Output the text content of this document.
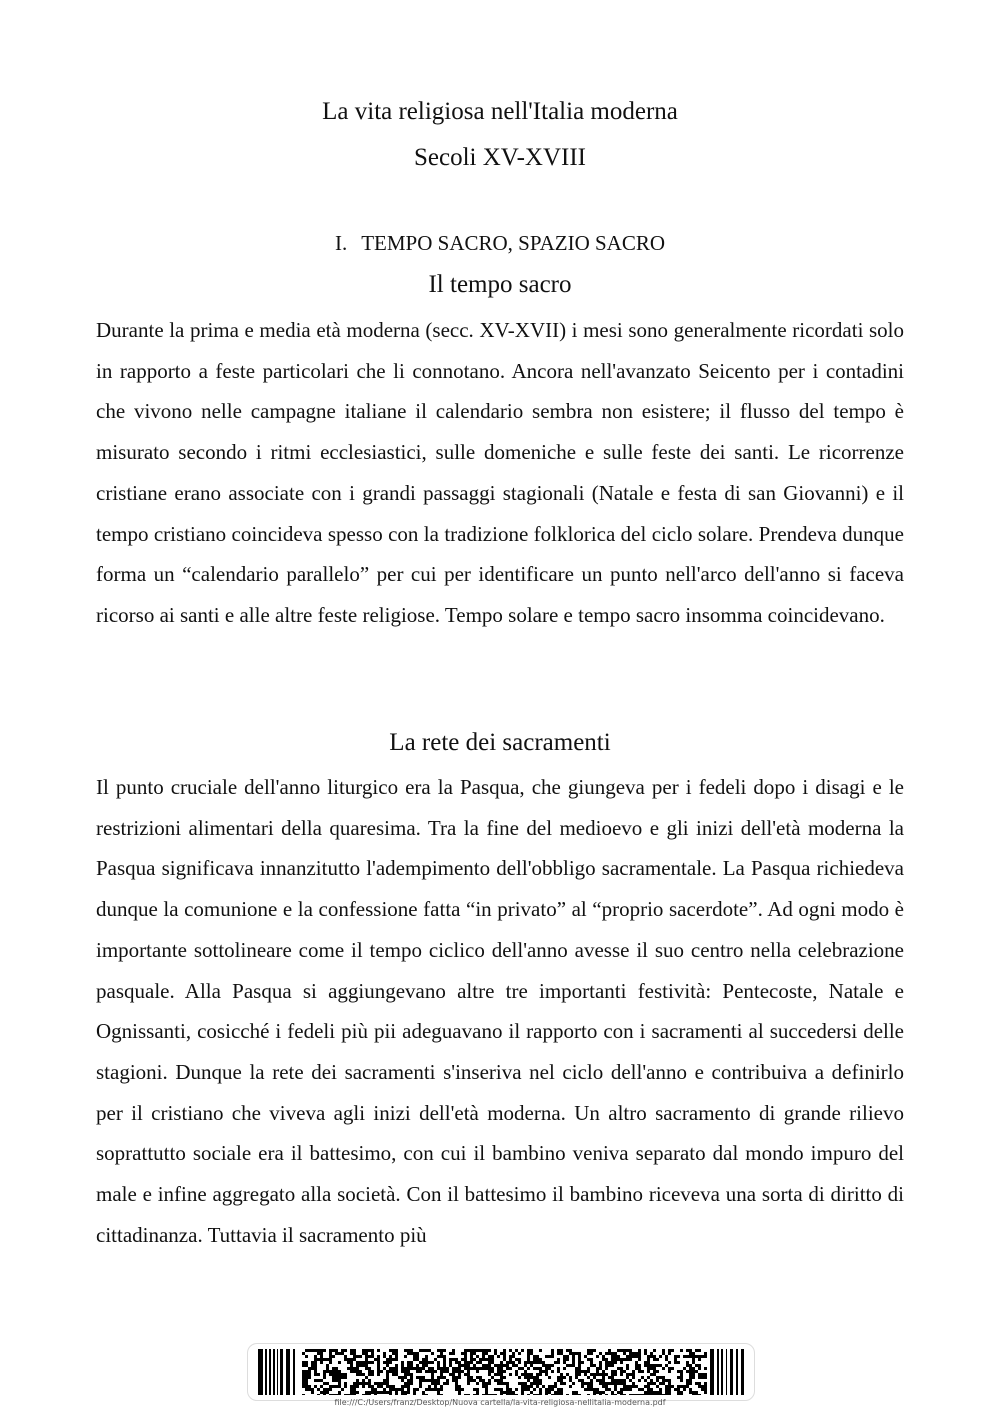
La vita religiosa nell'Italia moderna
Secoli XV-XVIII
I. TEMPO SACRO, SPAZIO SACRO
Il tempo sacro

Durante la prima e media età moderna (secc. XV-XVII) i mesi sono generalmente ricordati solo in rapporto a feste particolari che li connotano. Ancora nell'avanzato Seicento per i contadini che vivono nelle campagne italiane il calendario sembra non esistere; il flusso del tempo è misurato secondo i ritmi ecclesiastici, sulle domeniche e sulle feste dei santi. Le ricorrenze cristiane erano associate con i grandi passaggi stagionali (Natale e festa di san Giovanni) e il tempo cristiano coincideva spesso con la tradizione folklorica del ciclo solare. Prendeva dunque forma un “calendario parallelo” per cui per identificare un punto nell'arco dell'anno si faceva ricorso ai santi e alle altre feste religiose. Tempo solare e tempo sacro insomma coincidevano.

La rete dei sacramenti

Il punto cruciale dell'anno liturgico era la Pasqua, che giungeva per i fedeli dopo i disagi e le restrizioni alimentari della quaresima. Tra la fine del medioevo e gli inizi dell'età moderna la Pasqua significava innanzitutto l'adempimento dell'obbligo sacramentale. La Pasqua richiedeva dunque la comunione e la confessione fatta “in privato” al “proprio sacerdote”. Ad ogni modo è importante sottolineare come il tempo ciclico dell'anno avesse il suo centro nella celebrazione pasquale. Alla Pasqua si aggiungevano altre tre importanti festività: Pentecoste, Natale e Ognissanti, cosicché i fedeli più pii adeguavano il rapporto con i sacramenti al succedersi delle stagioni. Dunque la rete dei sacramenti s'inseriva nel ciclo dell'anno e contribuiva a definirlo per il cristiano che viveva agli inizi dell'età moderna. Un altro sacramento di grande rilievo soprattutto sociale era il battesimo, con cui il bambino veniva separato dal mondo impuro del male e infine aggregato alla società. Con il battesimo il bambino riceveva una sorta di diritto di cittadinanza. Tuttavia il sacramento più

file:///C:/Users/franz/Desktop/Nuova cartella/la-vita-religiosa-nellitalia-moderna.pdf
